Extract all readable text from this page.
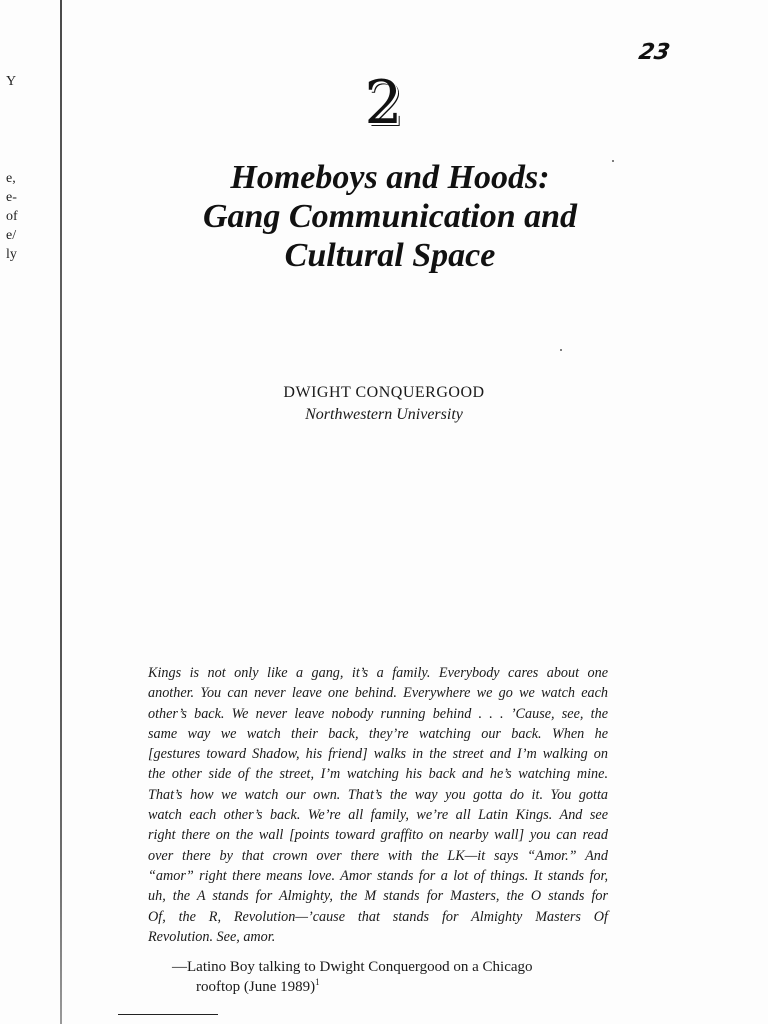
Y
e,
e-
of
e/
ly
23
2
Homeboys and Hoods:
Gang Communication and
Cultural Space
DWIGHT CONQUERGOOD
Northwestern University
Kings is not only like a gang, it’s a family. Everybody cares about one
another. You can never leave one behind. Everywhere we go we watch each
other’s back. We never leave nobody running behind . . . ’Cause, see, the
same way we watch their back, they’re watching our back. When he
[gestures toward Shadow, his friend] walks in the street and I’m walking on
the other side of the street, I’m watching his back and he’s watching mine.
That’s how we watch our own. That’s the way you gotta do it. You gotta
watch each other’s back. We’re all family, we’re all Latin Kings. And see
right there on the wall [points toward graffito on nearby wall] you can read
over there by that crown over there with the LK—it says “Amor.” And
“amor” right there means love. Amor stands for a lot of things. It stands for,
uh, the A stands for Almighty, the M stands for Masters, the O stands for
Of, the R, Revolution—’cause that stands for Almighty Masters Of
Revolution. See, amor.
—Latino Boy talking to Dwight Conquergood on a Chicago
rooftop (June 1989)$^1$
